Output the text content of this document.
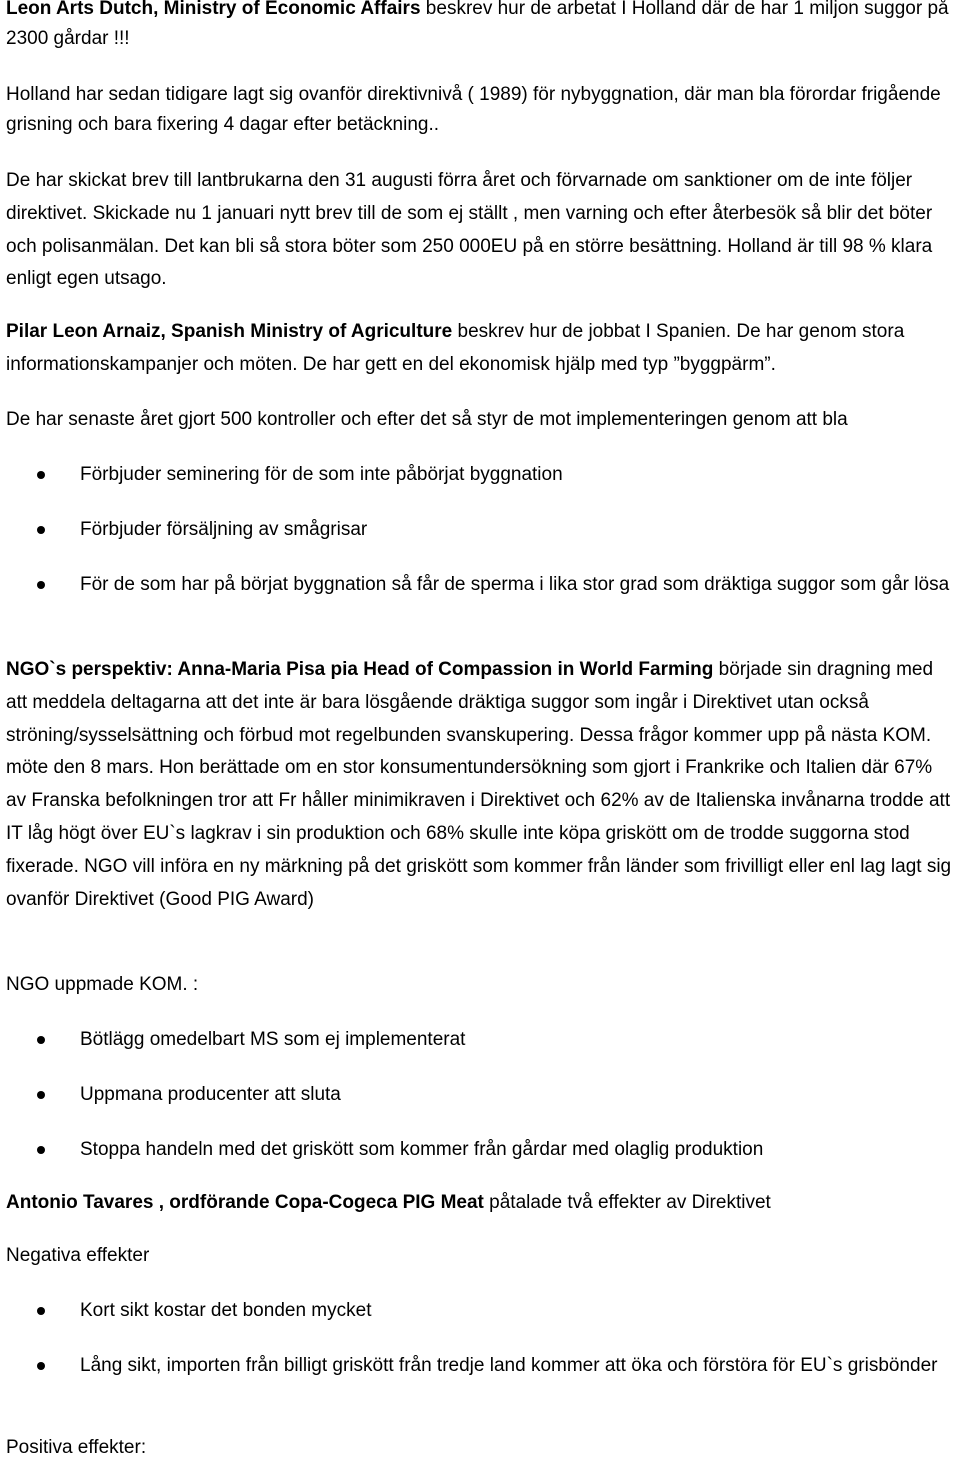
Leon Arts Dutch, Ministry of Economic Affairs beskrev hur de arbetat I Holland där de har 1 miljon suggor på 2300 gårdar !!!

Holland har sedan tidigare lagt sig ovanför direktivnivå ( 1989) för nybyggnation, där man bla förordar frigående grisning och bara fixering 4 dagar efter betäckning..

De har skickat brev till lantbrukarna den 31 augusti förra året och förvarnade om sanktioner om de inte följer direktivet. Skickade nu 1 januari nytt brev till de som ej ställt , men varning och efter återbesök så blir det böter och polisanmälan. Det kan bli så stora böter som 250 000EU på en större besättning. Holland är till 98 % klara enligt egen utsago.

Pilar Leon Arnaiz, Spanish Ministry of Agriculture beskrev hur de jobbat I Spanien. De har genom stora informationskampanjer och möten. De har gett en del ekonomisk hjälp med typ ”byggpärm”.

De har senaste året gjort 500 kontroller och efter det så styr de mot implementeringen genom att bla

Förbjuder seminering för de som inte påbörjat byggnation

Förbjuder försäljning av smågrisar

För de som har på börjat byggnation så får de sperma i lika stor grad som dräktiga suggor som går lösa

NGO`s perspektiv: Anna-Maria Pisa pia Head of Compassion in World Farming började sin dragning med att meddela deltagarna att det inte är bara lösgående dräktiga suggor som ingår i Direktivet utan också ströning/sysselsättning och förbud mot regelbunden svanskupering. Dessa frågor kommer upp på nästa KOM. möte den 8 mars. Hon berättade om en stor konsumentundersökning som gjort i Frankrike och Italien där 67% av Franska befolkningen tror att Fr håller minimikraven i Direktivet och 62% av de Italienska invånarna trodde att IT låg högt över EU`s lagkrav i sin produktion och 68% skulle inte köpa griskött om de trodde suggorna stod fixerade. NGO vill införa en ny märkning på det griskött som kommer från länder som frivilligt eller enl lag lagt sig ovanför Direktivet (Good PIG Award)

NGO uppmade KOM. :

Bötlägg omedelbart MS som ej implementerat

Uppmana producenter att sluta

Stoppa handeln med det griskött som kommer från gårdar med olaglig produktion

Antonio Tavares , ordförande Copa-Cogeca PIG Meat påtalade två effekter av Direktivet

Negativa effekter

Kort sikt kostar det bonden mycket

Lång sikt, importen från billigt griskött från tredje land kommer att öka och förstöra för EU`s grisbönder

Positiva effekter:
